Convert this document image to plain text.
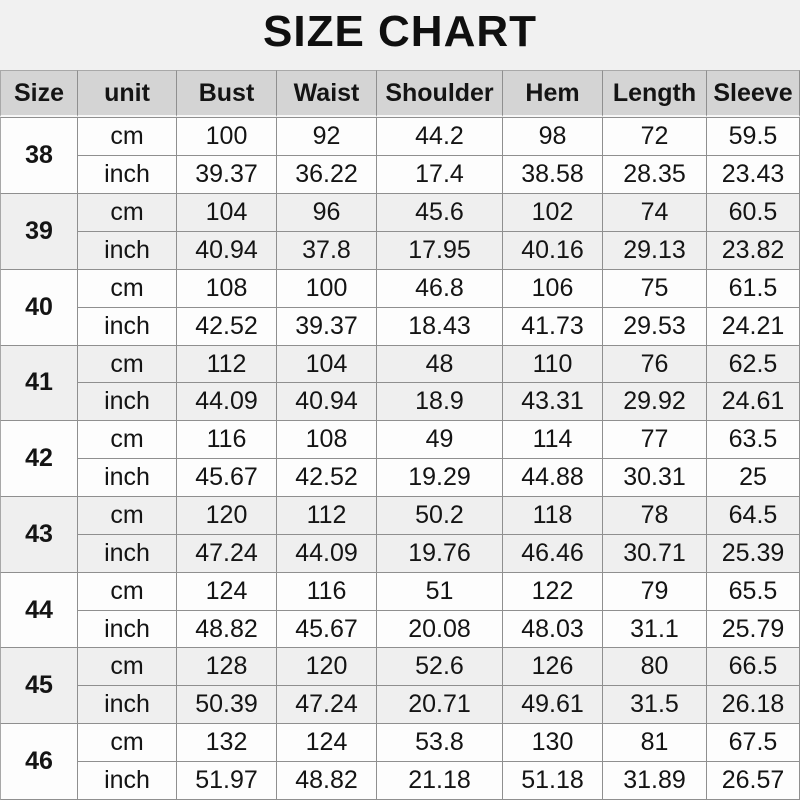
SIZE CHART
Size	unit	Bust	Waist	Shoulder	Hem	Length	Sleeve
38	cm	100	92	44.2	98	72	59.5
	inch	39.37	36.22	17.4	38.58	28.35	23.43
39	cm	104	96	45.6	102	74	60.5
	inch	40.94	37.8	17.95	40.16	29.13	23.82
40	cm	108	100	46.8	106	75	61.5
	inch	42.52	39.37	18.43	41.73	29.53	24.21
41	cm	112	104	48	110	76	62.5
	inch	44.09	40.94	18.9	43.31	29.92	24.61
42	cm	116	108	49	114	77	63.5
	inch	45.67	42.52	19.29	44.88	30.31	25
43	cm	120	112	50.2	118	78	64.5
	inch	47.24	44.09	19.76	46.46	30.71	25.39
44	cm	124	116	51	122	79	65.5
	inch	48.82	45.67	20.08	48.03	31.1	25.79
45	cm	128	120	52.6	126	80	66.5
	inch	50.39	47.24	20.71	49.61	31.5	26.18
46	cm	132	124	53.8	130	81	67.5
	inch	51.97	48.82	21.18	51.18	31.89	26.57
